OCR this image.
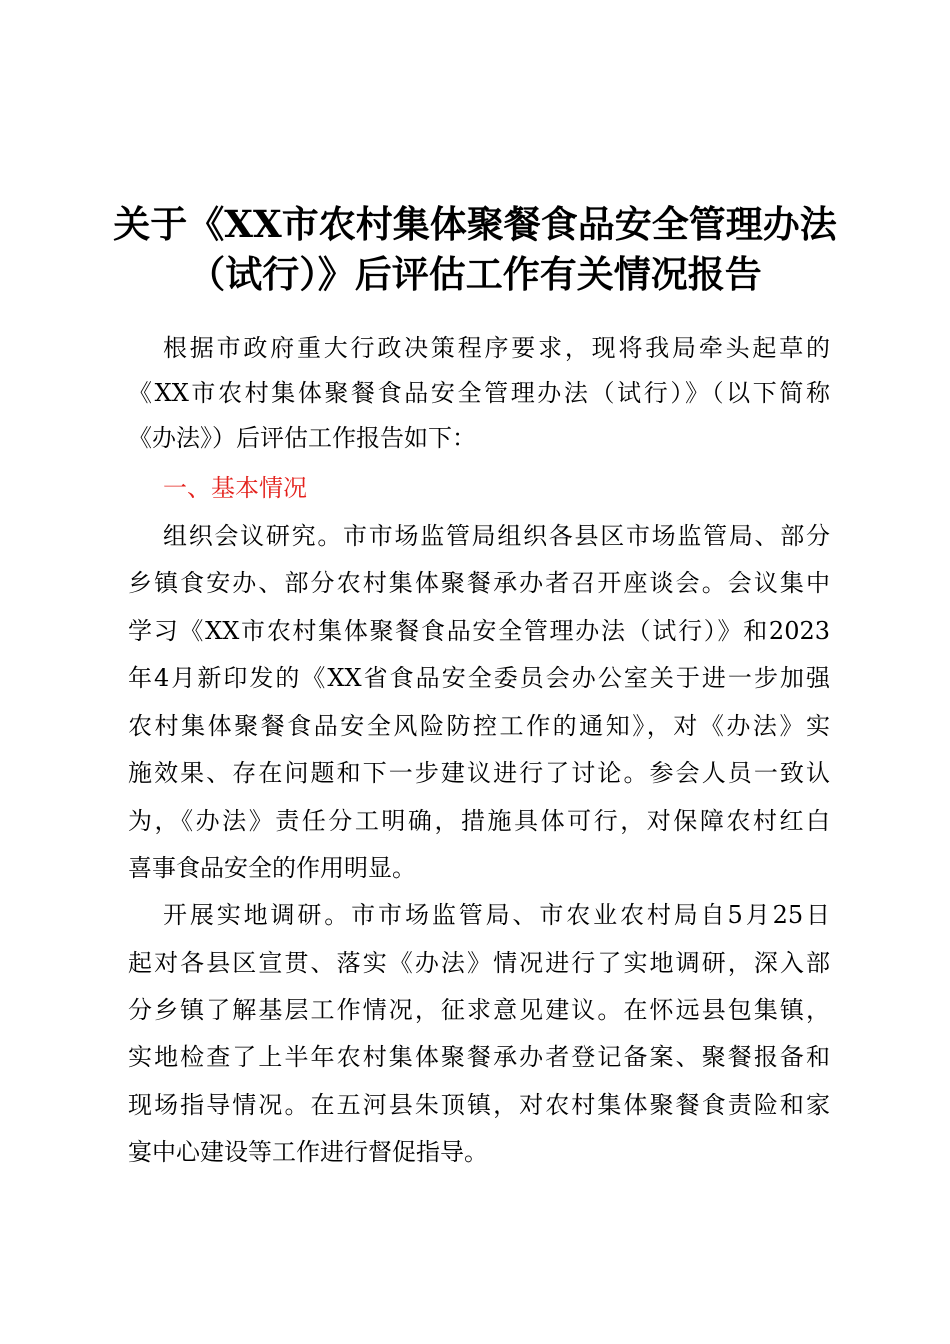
关于《XX市农村集体聚餐食品安全管理办法
（试行）》后评估工作有关情况报告
根据市政府重大行政决策程序要求，现将我局牵头起草的
《XX市农村集体聚餐食品安全管理办法（试行）》（以下简称
《办法》）后评估工作报告如下：
一、基本情况
组织会议研究。市市场监管局组织各县区市场监管局、部分
乡镇食安办、部分农村集体聚餐承办者召开座谈会。会议集中
学习《XX市农村集体聚餐食品安全管理办法（试行）》和2023
年4月新印发的《XX省食品安全委员会办公室关于进一步加强
农村集体聚餐食品安全风险防控工作的通知》，对《办法》实
施效果、存在问题和下一步建议进行了讨论。参会人员一致认
为，《办法》责任分工明确，措施具体可行，对保障农村红白
喜事食品安全的作用明显。
开展实地调研。市市场监管局、市农业农村局自5月25日
起对各县区宣贯、落实《办法》情况进行了实地调研，深入部
分乡镇了解基层工作情况，征求意见建议。在怀远县包集镇，
实地检查了上半年农村集体聚餐承办者登记备案、聚餐报备和
现场指导情况。在五河县朱顶镇，对农村集体聚餐食责险和家
宴中心建设等工作进行督促指导。
